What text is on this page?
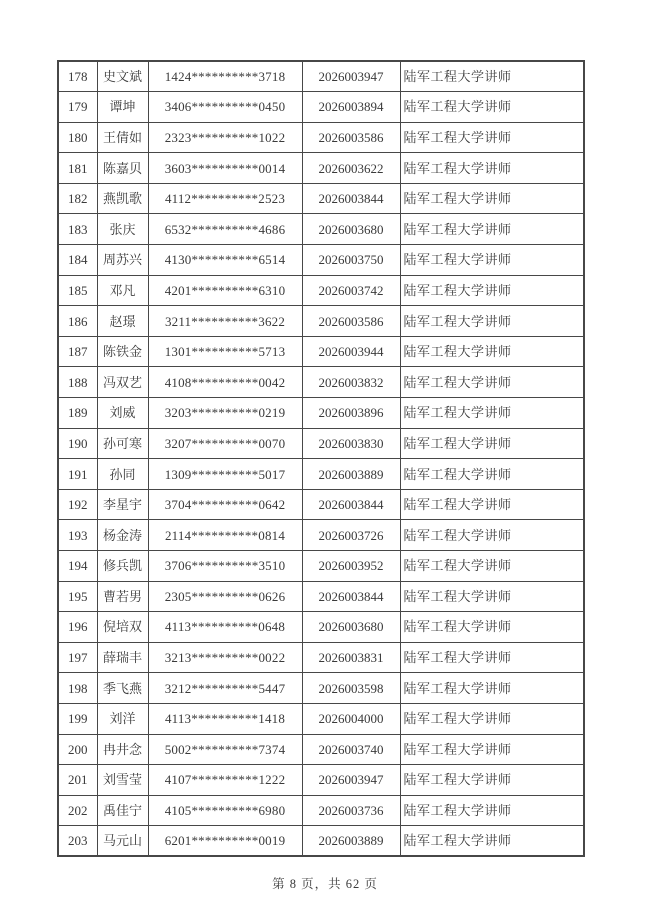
178	史文斌	1424**********3718	2026003947	陆军工程大学讲师
179	谭坤	3406**********0450	2026003894	陆军工程大学讲师
180	王倩如	2323**********1022	2026003586	陆军工程大学讲师
181	陈嘉贝	3603**********0014	2026003622	陆军工程大学讲师
182	燕凯歌	4112**********2523	2026003844	陆军工程大学讲师
183	张庆	6532**********4686	2026003680	陆军工程大学讲师
184	周苏兴	4130**********6514	2026003750	陆军工程大学讲师
185	邓凡	4201**********6310	2026003742	陆军工程大学讲师
186	赵璟	3211**********3622	2026003586	陆军工程大学讲师
187	陈铁金	1301**********5713	2026003944	陆军工程大学讲师
188	冯双艺	4108**********0042	2026003832	陆军工程大学讲师
189	刘威	3203**********0219	2026003896	陆军工程大学讲师
190	孙可寒	3207**********0070	2026003830	陆军工程大学讲师
191	孙同	1309**********5017	2026003889	陆军工程大学讲师
192	李星宇	3704**********0642	2026003844	陆军工程大学讲师
193	杨金涛	2114**********0814	2026003726	陆军工程大学讲师
194	修兵凯	3706**********3510	2026003952	陆军工程大学讲师
195	曹若男	2305**********0626	2026003844	陆军工程大学讲师
196	倪培双	4113**********0648	2026003680	陆军工程大学讲师
197	薛瑞丰	3213**********0022	2026003831	陆军工程大学讲师
198	季飞燕	3212**********5447	2026003598	陆军工程大学讲师
199	刘洋	4113**********1418	2026004000	陆军工程大学讲师
200	冉井念	5002**********7374	2026003740	陆军工程大学讲师
201	刘雪莹	4107**********1222	2026003947	陆军工程大学讲师
202	禹佳宁	4105**********6980	2026003736	陆军工程大学讲师
203	马元山	6201**********0019	2026003889	陆军工程大学讲师
第 8 页，共 62 页
